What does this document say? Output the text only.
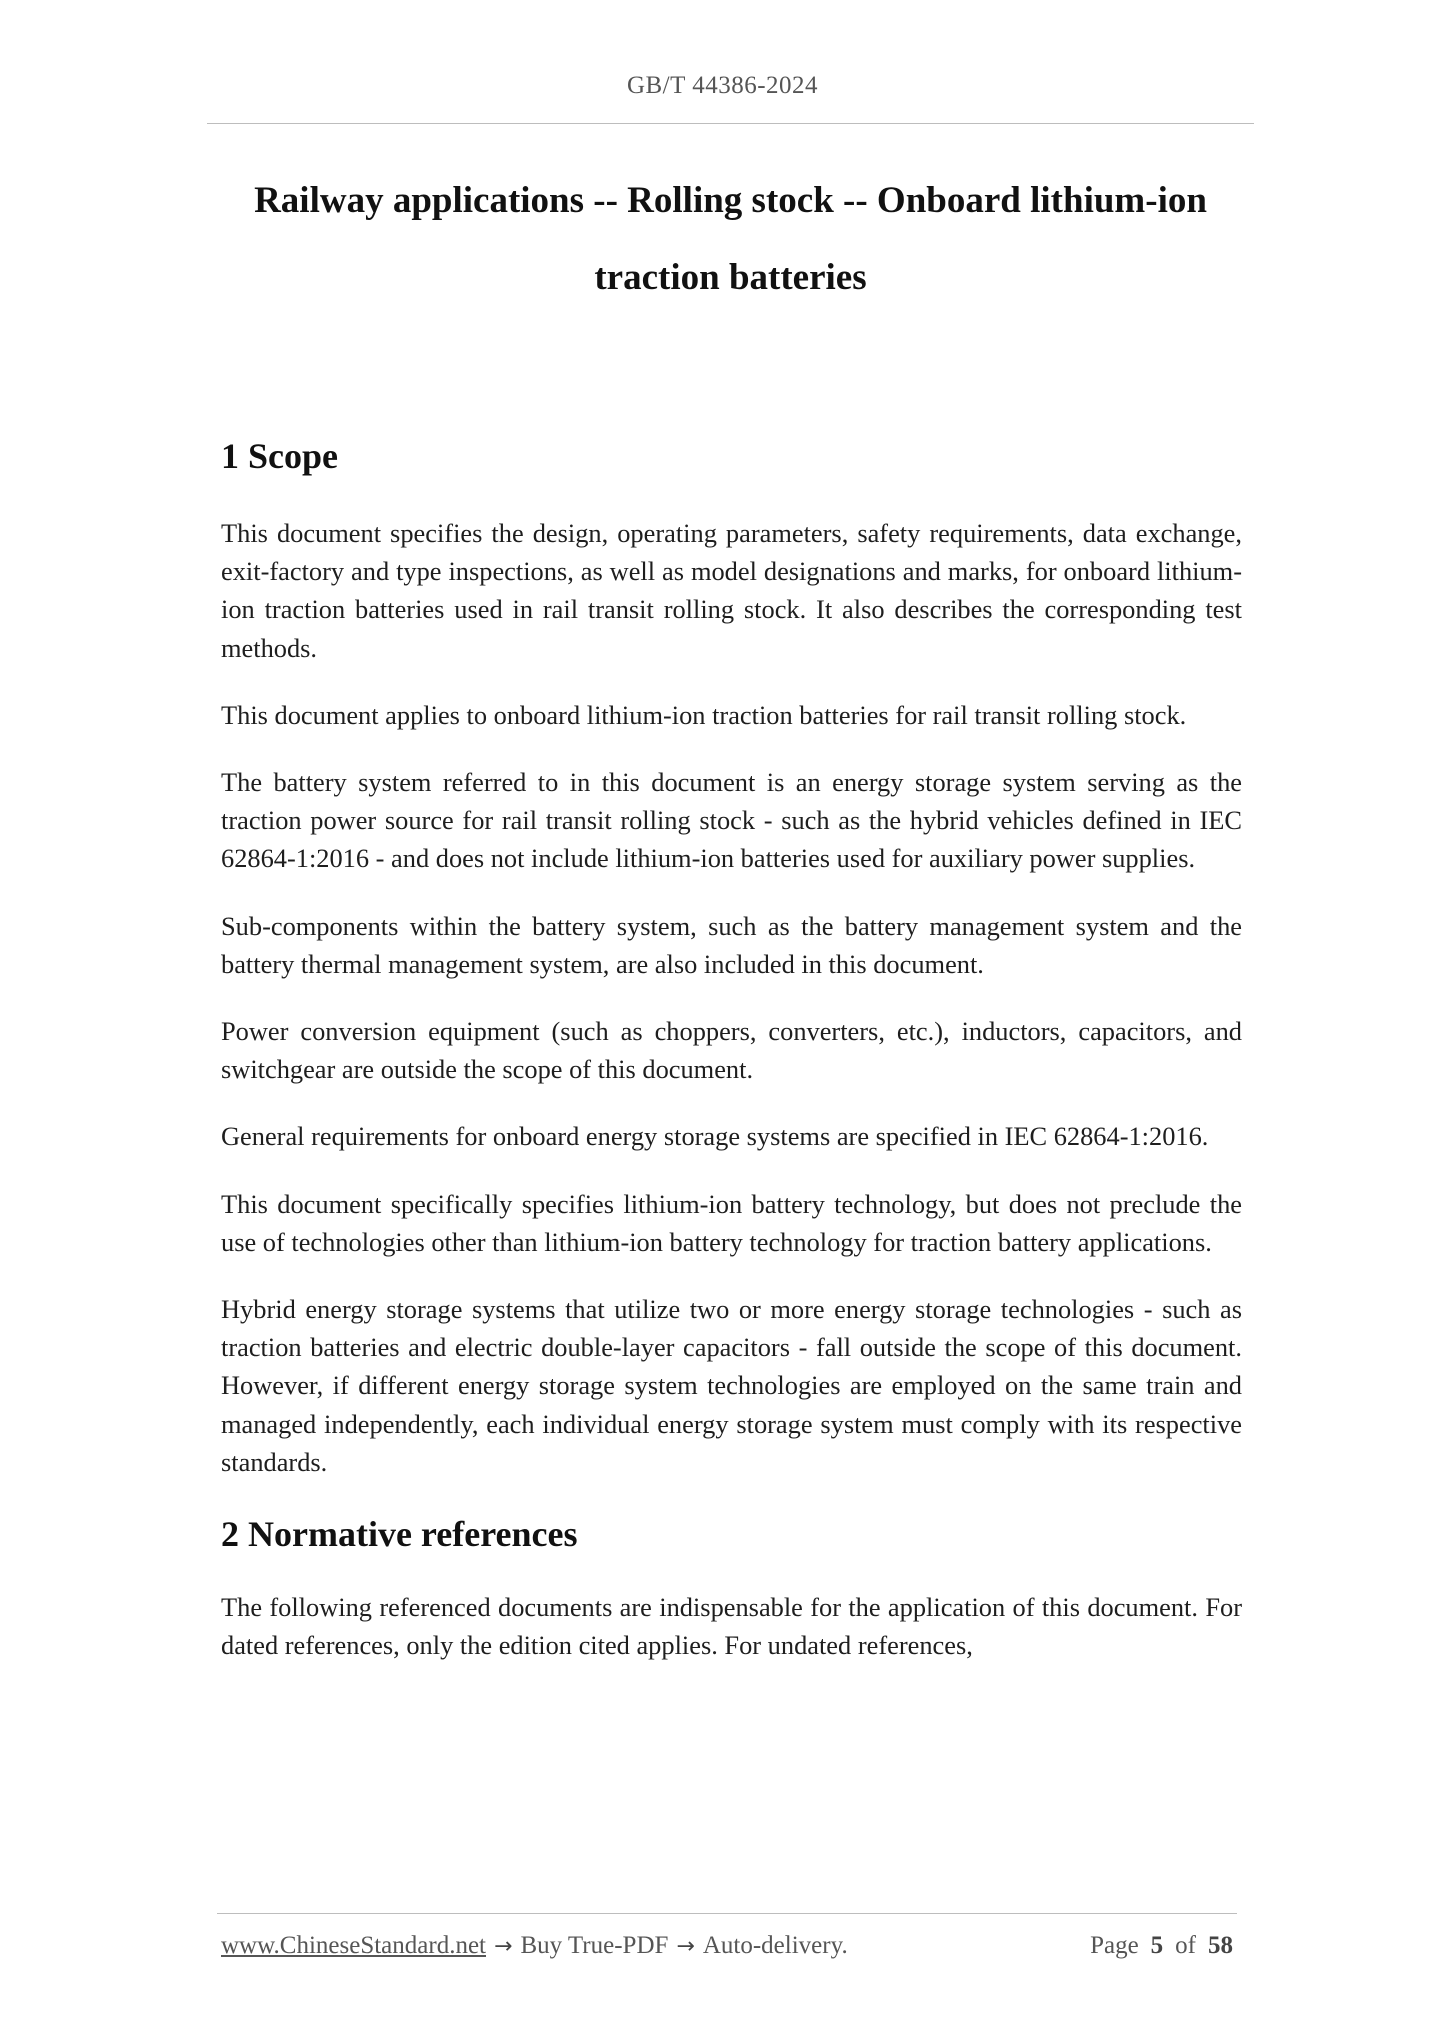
GB/T 44386-2024
Railway applications -- Rolling stock -- Onboard lithium-ion
traction batteries
1 Scope

This document specifies the design, operating parameters, safety requirements, data exchange, exit-factory and type inspections, as well as model designations and marks, for onboard lithium-ion traction batteries used in rail transit rolling stock. It also describes the corresponding test methods.

This document applies to onboard lithium-ion traction batteries for rail transit rolling stock.

The battery system referred to in this document is an energy storage system serving as the traction power source for rail transit rolling stock - such as the hybrid vehicles defined in IEC 62864-1:2016 - and does not include lithium-ion batteries used for auxiliary power supplies.

Sub-components within the battery system, such as the battery management system and the battery thermal management system, are also included in this document.

Power conversion equipment (such as choppers, converters, etc.), inductors, capacitors, and switchgear are outside the scope of this document.

General requirements for onboard energy storage systems are specified in IEC 62864-1:2016.

This document specifically specifies lithium-ion battery technology, but does not preclude the use of technologies other than lithium-ion battery technology for traction battery applications.

Hybrid energy storage systems that utilize two or more energy storage technologies - such as traction batteries and electric double-layer capacitors - fall outside the scope of this document. However, if different energy storage system technologies are employed on the same train and managed independently, each individual energy storage system must comply with its respective standards.

2 Normative references

The following referenced documents are indispensable for the application of this document. For dated references, only the edition cited applies. For undated references,

www.ChineseStandard.net → Buy True-PDF → Auto-delivery.	Page 5 of 58
